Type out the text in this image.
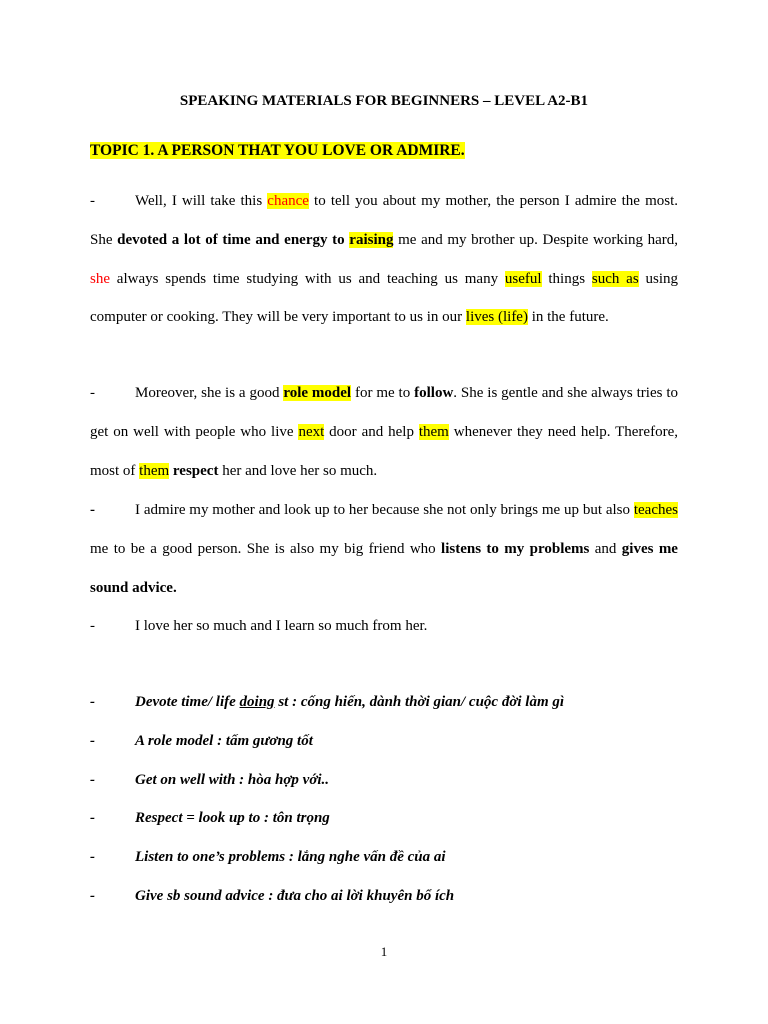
SPEAKING MATERIALS FOR BEGINNERS – LEVEL A2-B1
TOPIC 1. A PERSON THAT YOU LOVE OR ADMIRE.
-	Well, I will take this chance to tell you about my mother, the person I admire the most. She devoted a lot of time and energy to raising me and my brother up. Despite working hard, she always spends time studying with us and teaching us many useful things such as using computer or cooking. They will be very important to us in our lives (life) in the future.
-	Moreover, she is a good role model for me to follow. She is gentle and she always tries to get on well with people who live next door and help them whenever they need help. Therefore, most of them respect her and love her so much.
-	I admire my mother and look up to her because she not only brings me up but also teaches me to be a good person. She is also my big friend who listens to my problems and gives me sound advice.
-	I love her so much and I learn so much from her.
-	Devote time/ life doing st : cống hiến, dành thời gian/ cuộc đời làm gì
-	A role model : tấm gương tốt
-	Get on well with : hòa hợp với..
-	Respect = look up to : tôn trọng
-	Listen to one’s problems : lắng nghe vấn đề của ai
-	Give sb sound advice : đưa cho ai lời khuyên bổ ích
1
